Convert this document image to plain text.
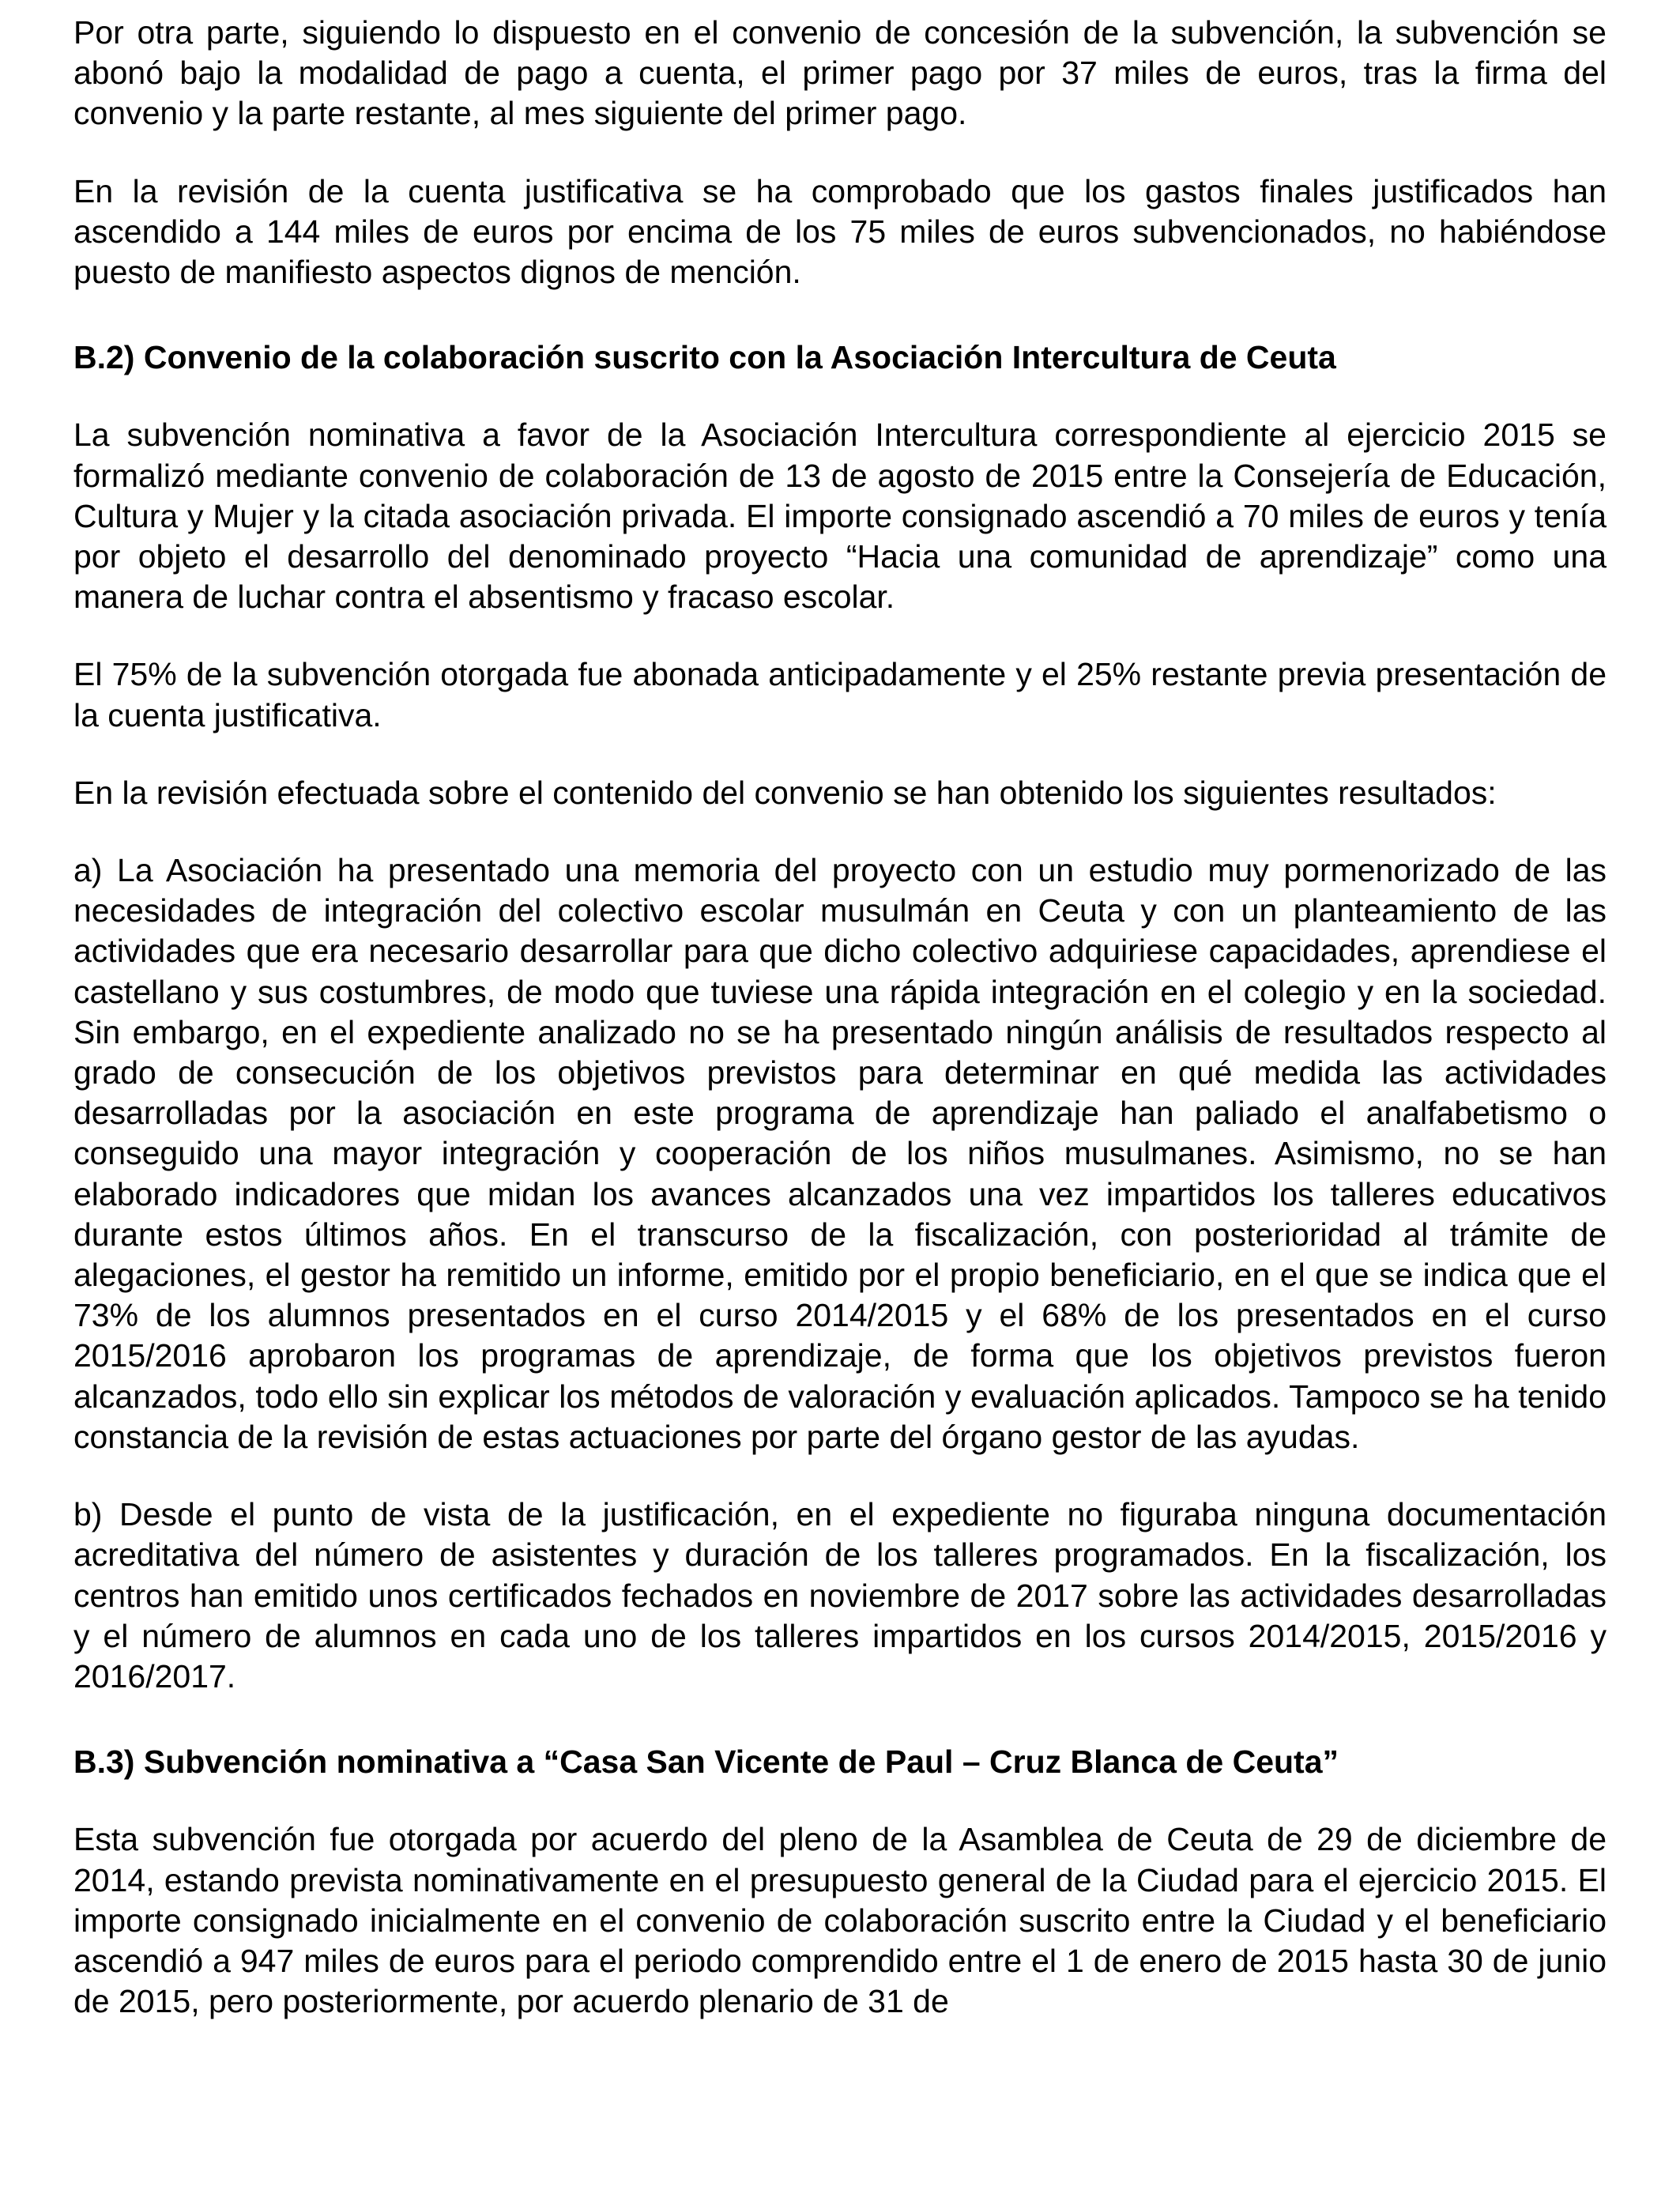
Por otra parte, siguiendo lo dispuesto en el convenio de concesión de la subvención, la subvención se abonó bajo la modalidad de pago a cuenta, el primer pago por 37 miles de euros, tras la firma del convenio y la parte restante, al mes siguiente del primer pago.

En la revisión de la cuenta justificativa se ha comprobado que los gastos finales justificados han ascendido a 144 miles de euros por encima de los 75 miles de euros subvencionados, no habiéndose puesto de manifiesto aspectos dignos de mención.

B.2) Convenio de la colaboración suscrito con la Asociación Intercultura de Ceuta

La subvención nominativa a favor de la Asociación Intercultura correspondiente al ejercicio 2015 se formalizó mediante convenio de colaboración de 13 de agosto de 2015 entre la Consejería de Educación, Cultura y Mujer y la citada asociación privada. El importe consignado ascendió a 70 miles de euros y tenía por objeto el desarrollo del denominado proyecto “Hacia una comunidad de aprendizaje” como una manera de luchar contra el absentismo y fracaso escolar.

El 75% de la subvención otorgada fue abonada anticipadamente y el 25% restante previa presentación de la cuenta justificativa.

En la revisión efectuada sobre el contenido del convenio se han obtenido los siguientes resultados:

a) La Asociación ha presentado una memoria del proyecto con un estudio muy pormenorizado de las necesidades de integración del colectivo escolar musulmán en Ceuta y con un planteamiento de las actividades que era necesario desarrollar para que dicho colectivo adquiriese capacidades, aprendiese el castellano y sus costumbres, de modo que tuviese una rápida integración en el colegio y en la sociedad. Sin embargo, en el expediente analizado no se ha presentado ningún análisis de resultados respecto al grado de consecución de los objetivos previstos para determinar en qué medida las actividades desarrolladas por la asociación en este programa de aprendizaje han paliado el analfabetismo o conseguido una mayor integración y cooperación de los niños musulmanes. Asimismo, no se han elaborado indicadores que midan los avances alcanzados una vez impartidos los talleres educativos durante estos últimos años. En el transcurso de la fiscalización, con posterioridad al trámite de alegaciones, el gestor ha remitido un informe, emitido por el propio beneficiario, en el que se indica que el 73% de los alumnos presentados en el curso 2014/2015 y el 68% de los presentados en el curso 2015/2016 aprobaron los programas de aprendizaje, de forma que los objetivos previstos fueron alcanzados, todo ello sin explicar los métodos de valoración y evaluación aplicados. Tampoco se ha tenido constancia de la revisión de estas actuaciones por parte del órgano gestor de las ayudas.

b) Desde el punto de vista de la justificación, en el expediente no figuraba ninguna documentación acreditativa del número de asistentes y duración de los talleres programados. En la fiscalización, los centros han emitido unos certificados fechados en noviembre de 2017 sobre las actividades desarrolladas y el número de alumnos en cada uno de los talleres impartidos en los cursos 2014/2015, 2015/2016 y 2016/2017.

B.3) Subvención nominativa a “Casa San Vicente de Paul – Cruz Blanca de Ceuta”

Esta subvención fue otorgada por acuerdo del pleno de la Asamblea de Ceuta de 29 de diciembre de 2014, estando prevista nominativamente en el presupuesto general de la Ciudad para el ejercicio 2015. El importe consignado inicialmente en el convenio de colaboración suscrito entre la Ciudad y el beneficiario ascendió a 947 miles de euros para el periodo comprendido entre el 1 de enero de 2015 hasta 30 de junio de 2015, pero posteriormente, por acuerdo plenario de 31 de
